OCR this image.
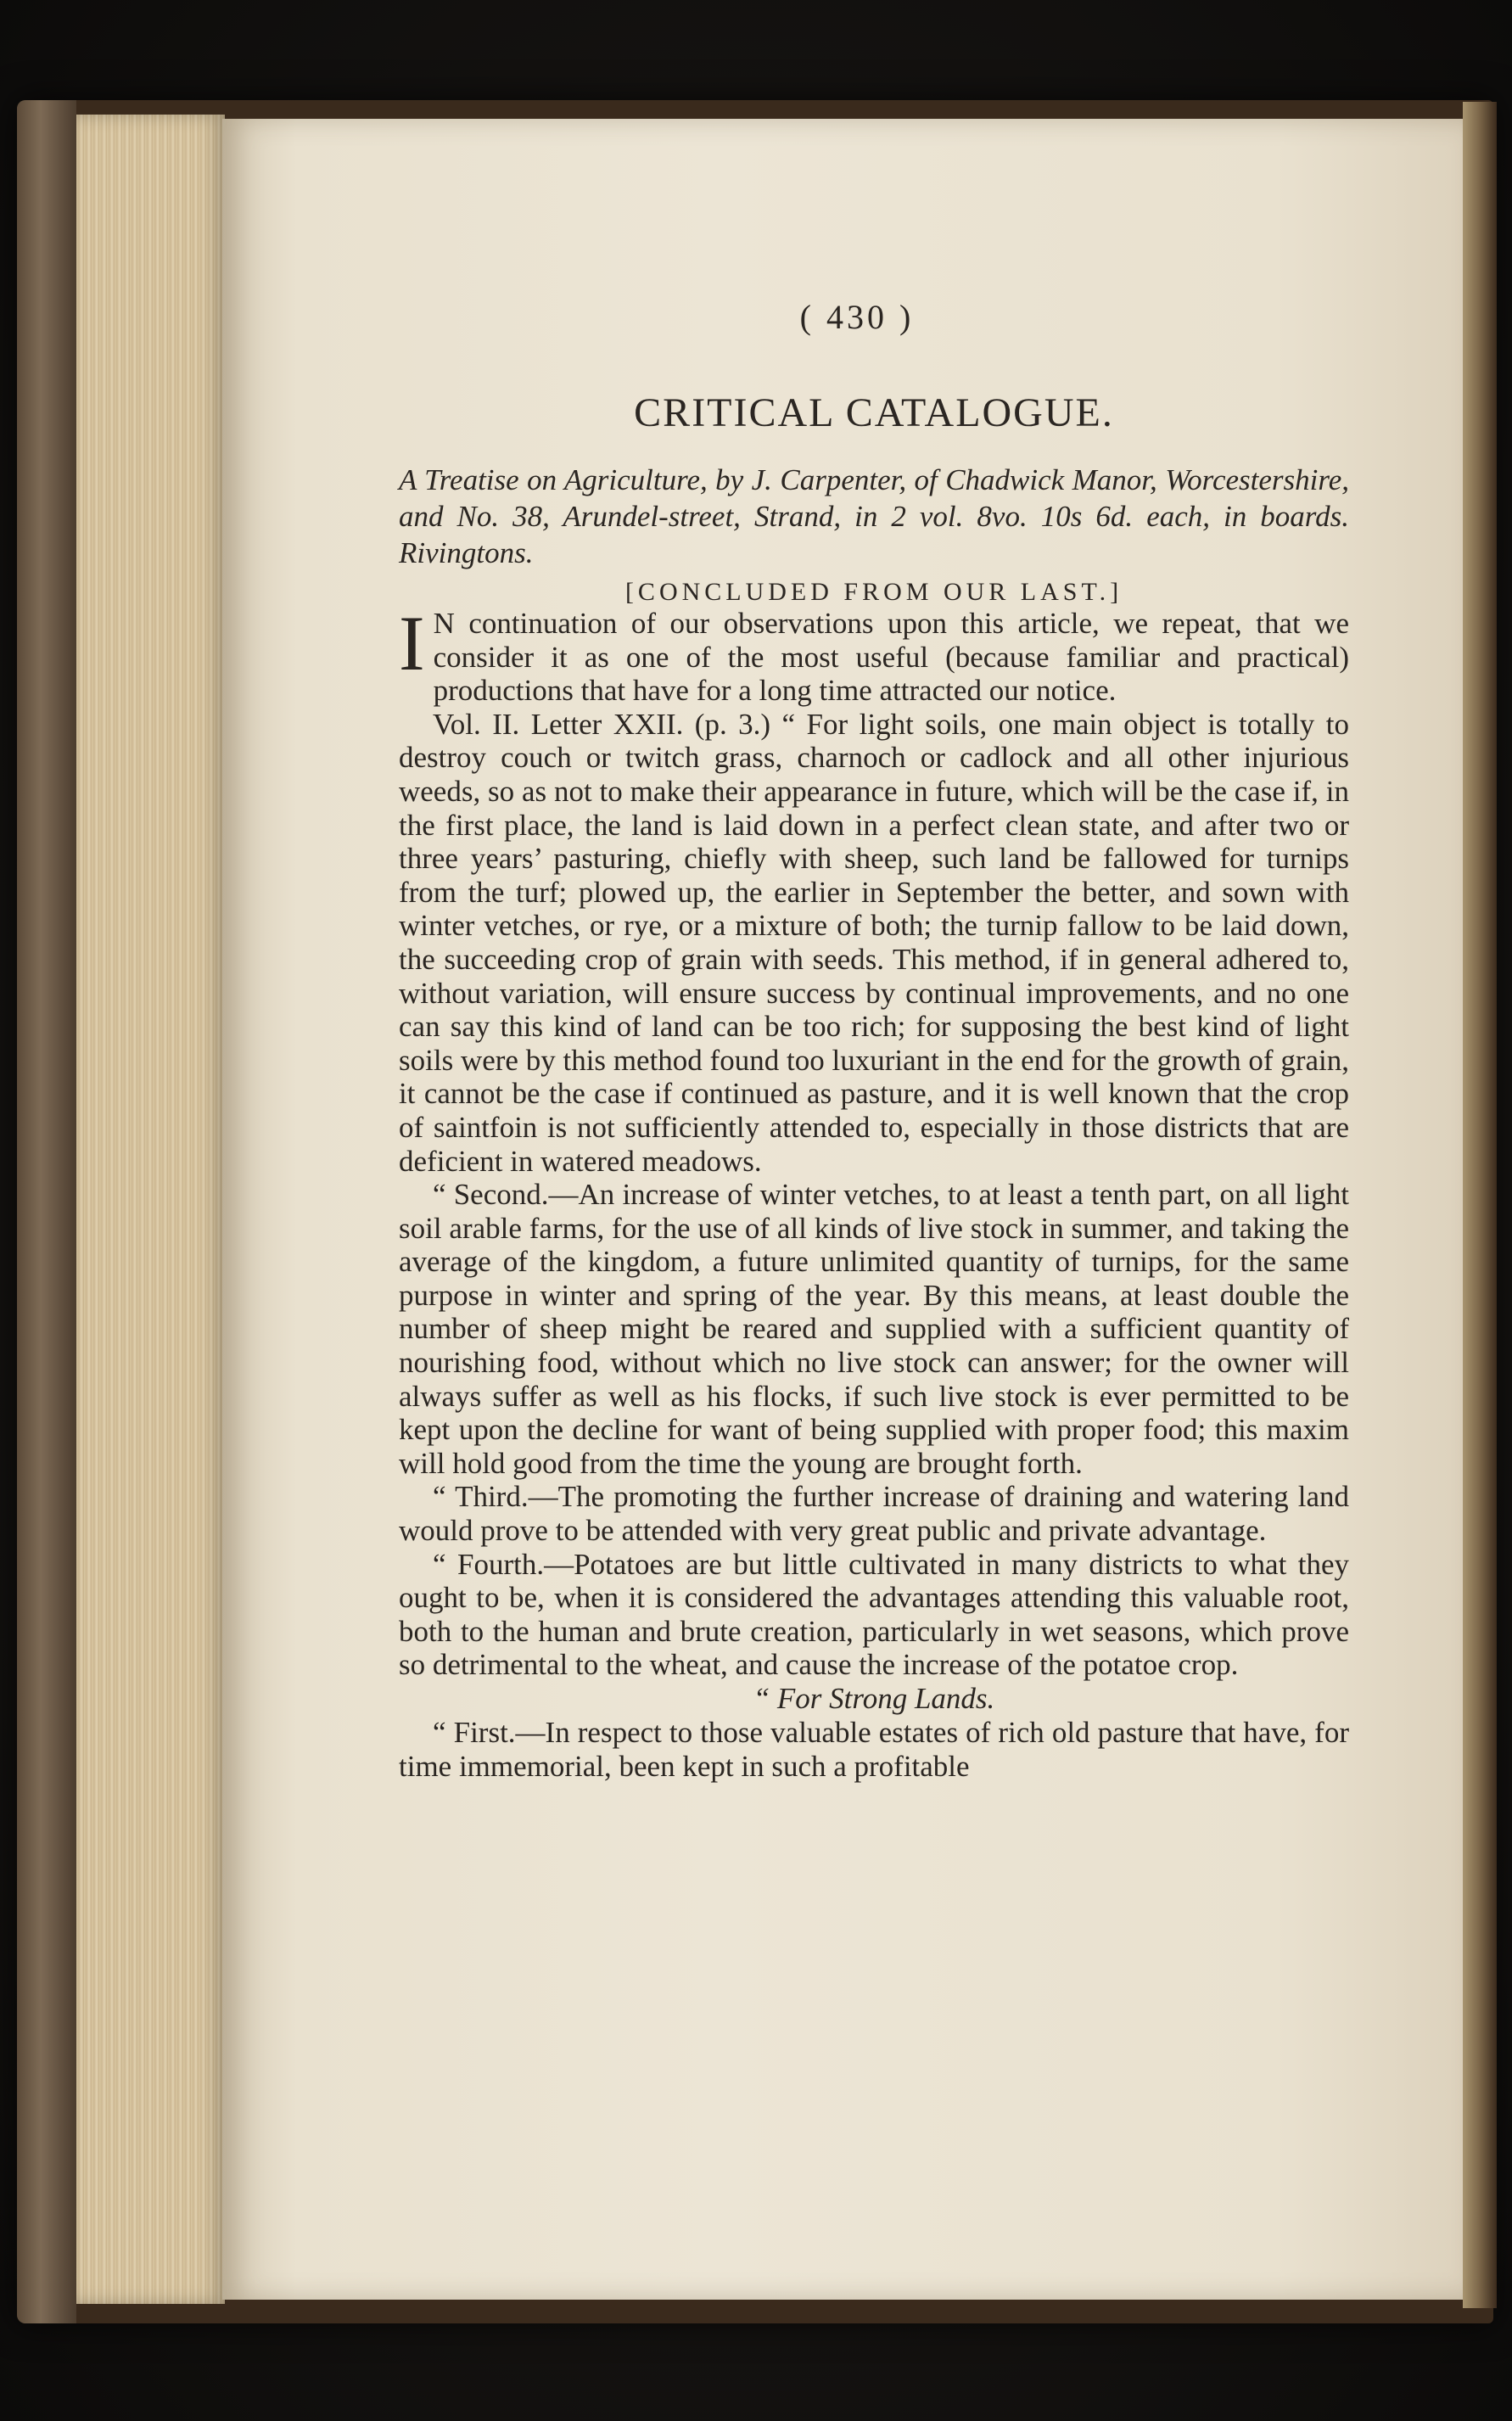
( 430 )
CRITICAL CATALOGUE.
A Treatise on Agriculture, by J. Carpenter, of Chadwick Manor, Worcestershire, and No. 38, Arundel-street, Strand, in 2 vol. 8vo. 10s 6d. each, in boards. Rivingtons.
[CONCLUDED FROM OUR LAST.]

I N continuation of our observations upon this article, we repeat, that we consider it as one of the most useful (because familiar and practical) productions that have for a long time attracted our notice.

Vol. II. Letter XXII. (p. 3.) “ For light soils, one main object is totally to destroy couch or twitch grass, charnoch or cadlock and all other injurious weeds, so as not to make their appearance in future, which will be the case if, in the first place, the land is laid down in a perfect clean state, and after two or three years’ pasturing, chiefly with sheep, such land be fallowed for turnips from the turf; plowed up, the earlier in September the better, and sown with winter vetches, or rye, or a mixture of both; the turnip fallow to be laid down, the succeeding crop of grain with seeds. This method, if in general adhered to, without variation, will ensure success by continual improvements, and no one can say this kind of land can be too rich; for supposing the best kind of light soils were by this method found too luxuriant in the end for the growth of grain, it cannot be the case if continued as pasture, and it is well known that the crop of saintfoin is not sufficiently attended to, especially in those districts that are deficient in watered meadows.

“ Second.—An increase of winter vetches, to at least a tenth part, on all light soil arable farms, for the use of all kinds of live stock in summer, and taking the average of the kingdom, a future unlimited quantity of turnips, for the same purpose in winter and spring of the year. By this means, at least double the number of sheep might be reared and supplied with a sufficient quantity of nourishing food, without which no live stock can answer; for the owner will always suffer as well as his flocks, if such live stock is ever permitted to be kept upon the decline for want of being supplied with proper food; this maxim will hold good from the time the young are brought forth.

“ Third.—The promoting the further increase of draining and watering land would prove to be attended with very great public and private advantage.

“ Fourth.—Potatoes are but little cultivated in many districts to what they ought to be, when it is considered the advantages attending this valuable root, both to the human and brute creation, particularly in wet seasons, which prove so detrimental to the wheat, and cause the increase of the potatoe crop.

“ For Strong Lands.

“ First.—In respect to those valuable estates of rich old pasture that have, for time immemorial, been kept in such a profitable
